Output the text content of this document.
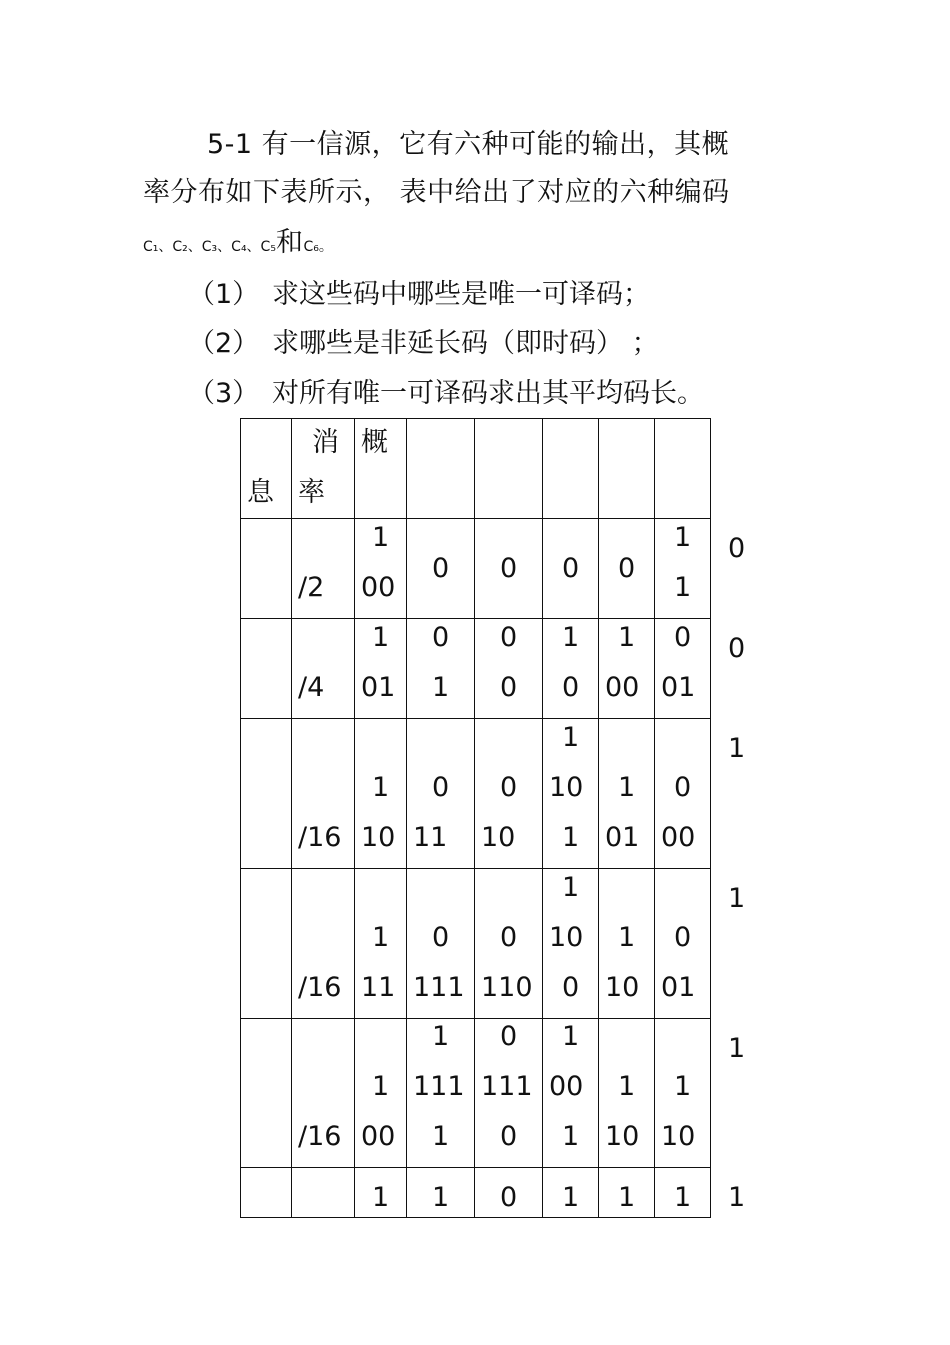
5-1 有一信源，它有六种可能的输出，其概
率分布如下表所示， 表中给出了对应的六种编码
C₁、C₂、C₃、C₄、C₅和C₆。
（1） 求这些码中哪些是唯一可译码；
（2） 求哪些是非延长码（即时码） ；
（3） 对所有唯一可译码求出其平均码长。
息
消
率
概
/2
1
00
0 0 0 0
1
1
0
/4
1
01
0
1
0
0
1
0
1
00
0
01
0
/16
1
10
0
11
0
10
1
10
1
1
01
0
00
1
/16
1
11
0
111
0
110
1
10
0
1
10
0
01
1
/16
1
00
1
111
1
0
111
0
1
00
1
1
10
1
10
1
1 1 0 1 1 1 1
